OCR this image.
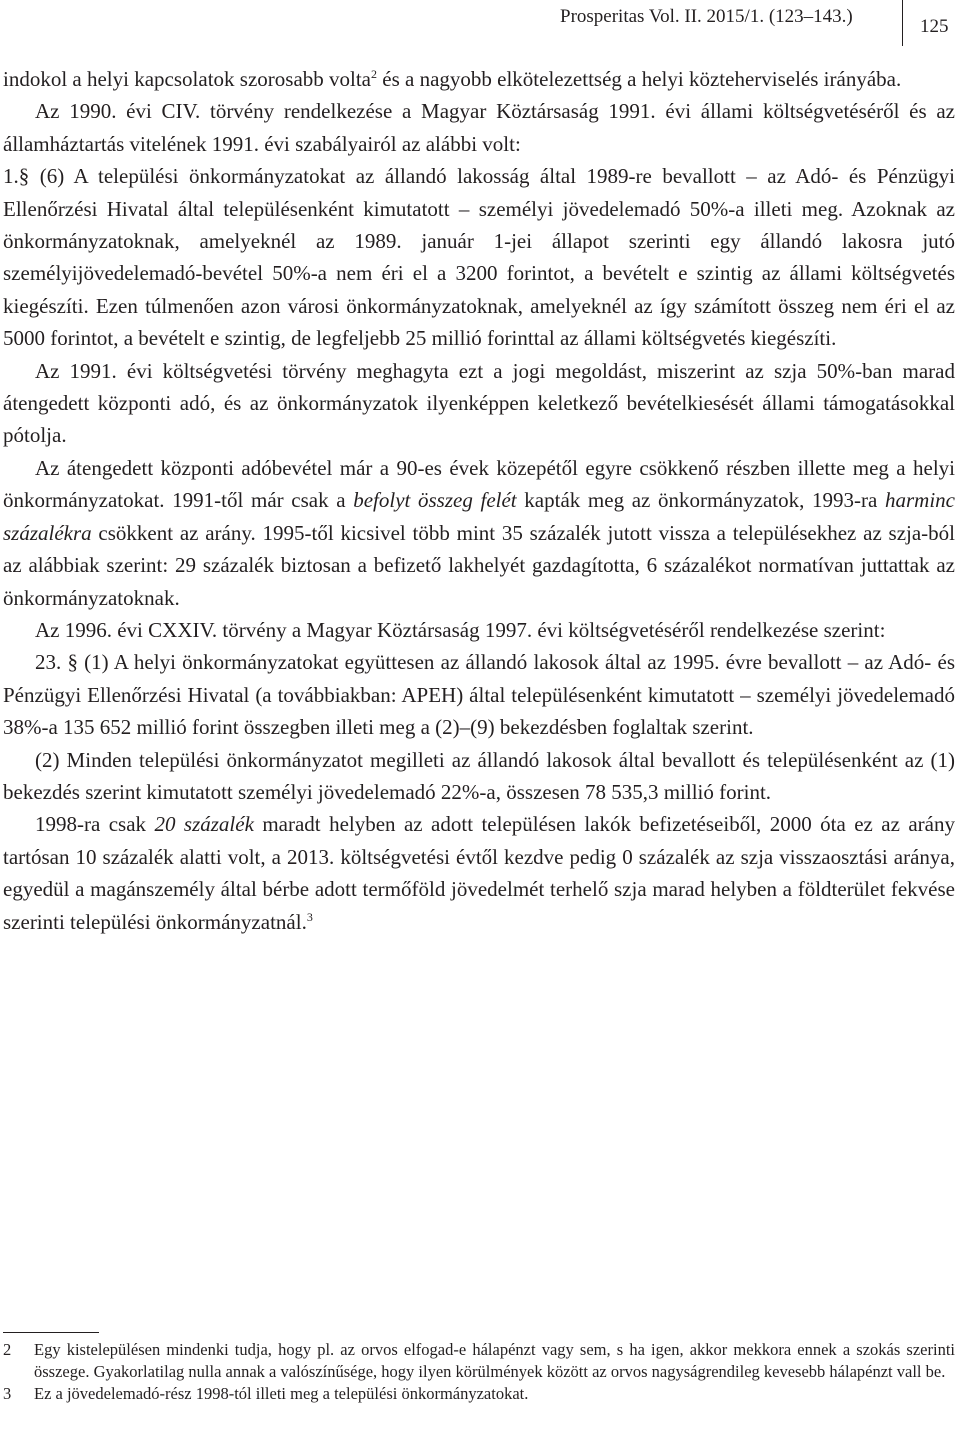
Prosperitas Vol. II. 2015/1. (123–143.)	125

indokol a helyi kapcsolatok szorosabb volta$^2$ és a nagyobb elkötelezettség a helyi közteherviselés irányába.

Az 1990. évi CIV. törvény rendelkezése a Magyar Köztársaság 1991. évi állami költségvetéséről és az államháztartás vitelének 1991. évi szabályairól az alábbi volt:

1.§ (6) A települési önkormányzatokat az állandó lakosság által 1989-re bevallott – az Adó- és Pénzügyi Ellenőrzési Hivatal által településenként kimutatott – személyi jövedelemadó 50%-a illeti meg. Azoknak az önkormányzatoknak, amelyeknél az 1989. január 1-jei állapot szerinti egy állandó lakosra jutó személyijövedelemadó-bevétel 50%-a nem éri el a 3200 forintot, a bevételt e szintig az állami költségvetés kiegészíti. Ezen túlmenően azon városi önkormányzatoknak, amelyeknél az így számított összeg nem éri el az 5000 forintot, a bevételt e szintig, de legfeljebb 25 millió forinttal az állami költségvetés kiegészíti.

Az 1991. évi költségvetési törvény meghagyta ezt a jogi megoldást, miszerint az szja 50%-ban marad átengedett központi adó, és az önkormányzatok ilyenképpen keletkező bevételkiesését állami támogatásokkal pótolja.

Az átengedett központi adóbevétel már a 90-es évek közepétől egyre csökkenő részben illette meg a helyi önkormányzatokat. 1991-től már csak a befolyt összeg felét kapták meg az önkormányzatok, 1993-ra harminc százalékra csökkent az arány. 1995-től kicsivel több mint 35 százalék jutott vissza a településekhez az szja-ból az alábbiak szerint: 29 százalék biztosan a befizető lakhelyét gazdagította, 6 százalékot normatívan juttattak az önkormányzatoknak.

Az 1996. évi CXXIV. törvény a Magyar Köztársaság 1997. évi költségvetéséről rendelkezése szerint:

23. § (1) A helyi önkormányzatokat együttesen az állandó lakosok által az 1995. évre bevallott – az Adó- és Pénzügyi Ellenőrzési Hivatal (a továbbiakban: APEH) által településenként kimutatott – személyi jövedelemadó 38%-a 135 652 millió forint összegben illeti meg a (2)–(9) bekezdésben foglaltak szerint.

(2) Minden települési önkormányzatot megilleti az állandó lakosok által bevallott és településenként az (1) bekezdés szerint kimutatott személyi jövedelemadó 22%-a, összesen 78 535,3 millió forint.

1998-ra csak 20 százalék maradt helyben az adott településen lakók befizetéseiből, 2000 óta ez az arány tartósan 10 százalék alatti volt, a 2013. költségvetési évtől kezdve pedig 0 százalék az szja visszaosztási aránya, egyedül a magánszemély által bérbe adott termőföld jövedelmét terhelő szja marad helyben a földterület fekvése szerinti települési önkormányzatnál.$^3$

2	Egy kistelepülésen mindenki tudja, hogy pl. az orvos elfogad-e hálapénzt vagy sem, s ha igen, akkor mekkora ennek a szokás szerinti összege. Gyakorlatilag nulla annak a valószínűsége, hogy ilyen körülmények között az orvos nagyságrendileg kevesebb hálapénzt vall be.
3	Ez a jövedelemadó-rész 1998-tól illeti meg a települési önkormányzatokat.
